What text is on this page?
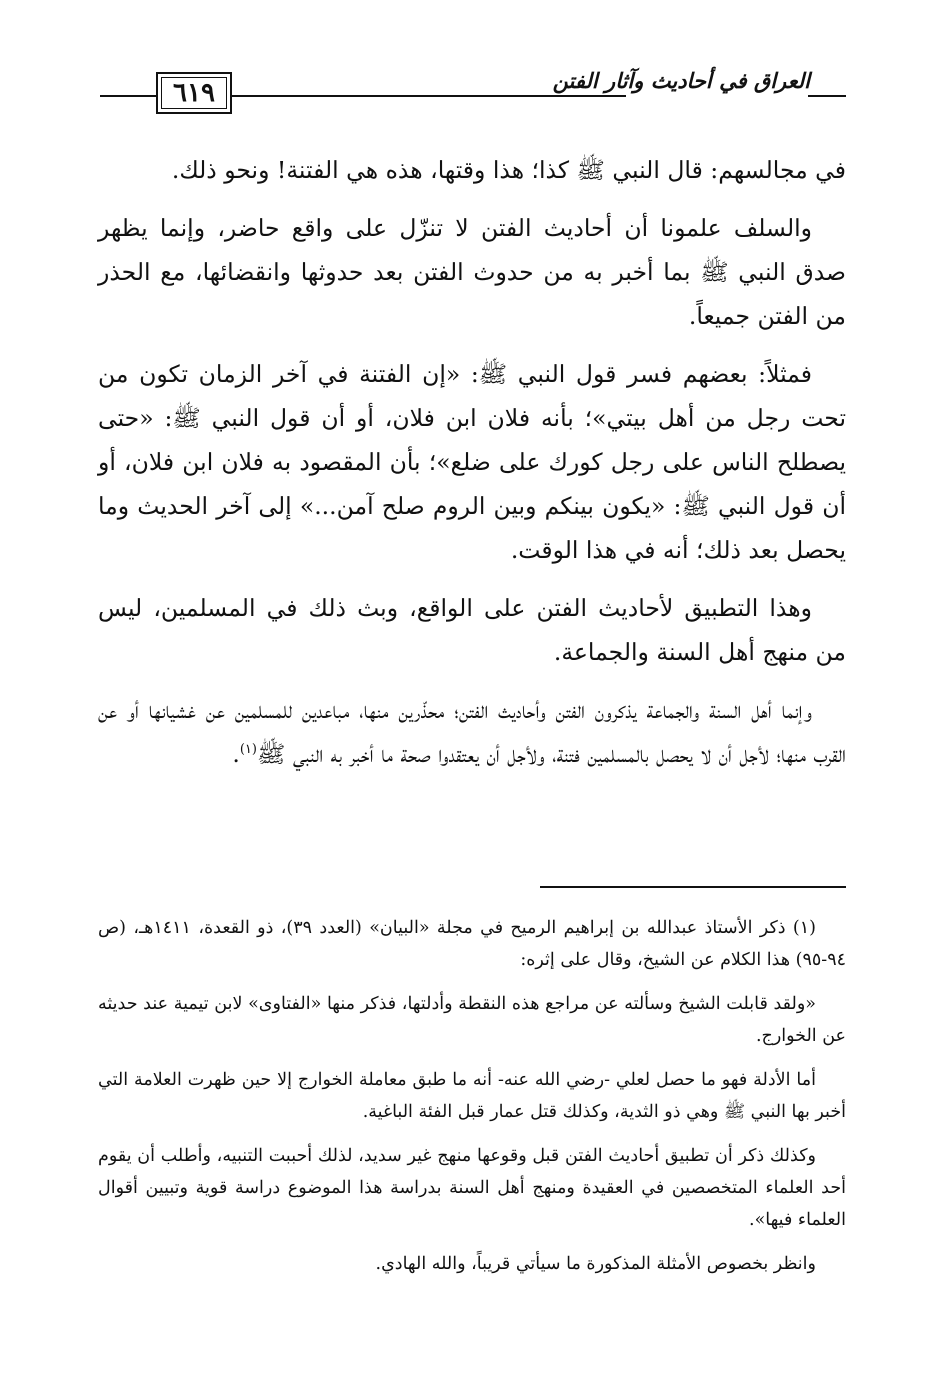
٦١٩	العراق في أحاديث وآثار الفتن

في مجالسهم: قال النبي ﷺ كذا؛ هذا وقتها، هذه هي الفتنة! ونحو ذلك.

والسلف علمونا أن أحاديث الفتن لا تنزّل على واقع حاضر، وإنما يظهر صدق النبي ﷺ بما أخبر به من حدوث الفتن بعد حدوثها وانقضائها، مع الحذر من الفتن جميعاً.

فمثلاً: بعضهم فسر قول النبي ﷺ: «إن الفتنة في آخر الزمان تكون من تحت رجل من أهل بيتي»؛ بأنه فلان ابن فلان، أو أن قول النبي ﷺ: «حتى يصطلح الناس على رجل كورك على ضلع»؛ بأن المقصود به فلان ابن فلان، أو أن قول النبي ﷺ: «يكون بينكم وبين الروم صلح آمن...» إلى آخر الحديث وما يحصل بعد ذلك؛ أنه في هذا الوقت.

وهذا التطبيق لأحاديث الفتن على الواقع، وبث ذلك في المسلمين، ليس من منهج أهل السنة والجماعة.

وإنما أهل السنة والجماعة يذكرون الفتن وأحاديث الفتن؛ محذّرين منها، مباعدين للمسلمين عن غشيانها أو عن القرب منها؛ لأجل أن لا يحصل بالمسلمين فتنة، ولأجل أن يعتقدوا صحة ما أخبر به النبي ﷺ$^{(١)}$.

(١) ذكر الأستاذ عبدالله بن إبراهيم الرميح في مجلة «البيان» (العدد ٣٩)، ذو القعدة، ١٤١١هـ، (ص ٩٤-٩٥) هذا الكلام عن الشيخ، وقال على إثره:

«ولقد قابلت الشيخ وسألته عن مراجع هذه النقطة وأدلتها، فذكر منها «الفتاوى» لابن تيمية عند حديثه عن الخوارج.

أما الأدلة فهو ما حصل لعلي -رضي الله عنه- أنه ما طبق معاملة الخوارج إلا حين ظهرت العلامة التي أخبر بها النبي ﷺ وهي ذو الثدية، وكذلك قتل عمار قبل الفئة الباغية.

وكذلك ذكر أن تطبيق أحاديث الفتن قبل وقوعها منهج غير سديد، لذلك أحببت التنبيه، وأطلب أن يقوم أحد العلماء المتخصصين في العقيدة ومنهج أهل السنة بدراسة هذا الموضوع دراسة قوية وتبيين أقوال العلماء فيها».

وانظر بخصوص الأمثلة المذكورة ما سيأتي قريباً، والله الهادي.
